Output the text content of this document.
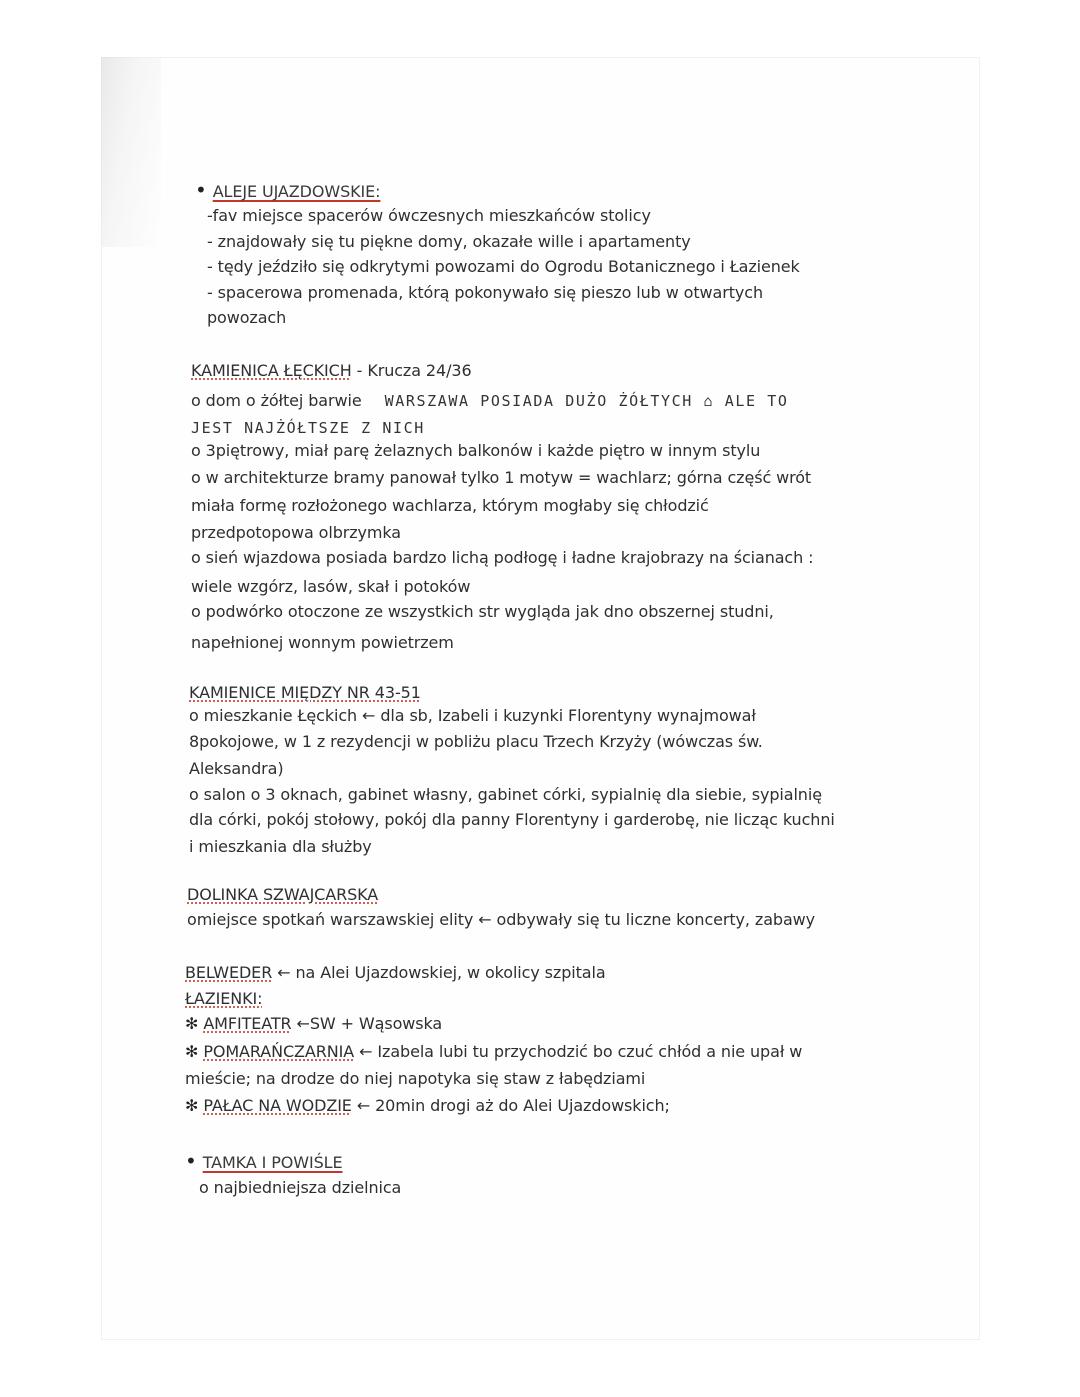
• ALEJE UJAZDOWSKIE:
-fav miejsce spacerów ówczesnych mieszkańców stolicy
- znajdowały się tu piękne domy, okazałe wille i apartamenty
- tędy jeździło się odkrytymi powozami do Ogrodu Botanicznego i Łazienek
- spacerowa promenada, którą pokonywało się pieszo lub w otwartych
powozach
KAMIENICA ŁĘCKICH - Krucza 24/36
o dom o żółtej barwie WARSZAWA POSIADA DUŻO ŻÓŁTYCH ⌂ ALE TO
JEST NAJŻÓŁTSZE Z NICH
o 3piętrowy, miał parę żelaznych balkonów i każde piętro w innym stylu
o w architekturze bramy panował tylko 1 motyw = wachlarz; górna część wrót
miała formę rozłożonego wachlarza, którym mogłaby się chłodzić
przedpotopowa olbrzymka
o sień wjazdowa posiada bardzo lichą podłogę i ładne krajobrazy na ścianach :
wiele wzgórz, lasów, skał i potoków
o podwórko otoczone ze wszystkich str wygląda jak dno obszernej studni,
napełnionej wonnym powietrzem
KAMIENICE MIĘDZY NR 43-51
o mieszkanie Łęckich ← dla sb, Izabeli i kuzynki Florentyny wynajmował
8pokojowe, w 1 z rezydencji w pobliżu placu Trzech Krzyży (wówczas św.
Aleksandra)
o salon o 3 oknach, gabinet własny, gabinet córki, sypialnię dla siebie, sypialnię
dla córki, pokój stołowy, pokój dla panny Florentyny i garderobę, nie licząc kuchni
i mieszkania dla służby
DOLINKA SZWAJCARSKA
omiejsce spotkań warszawskiej elity ← odbywały się tu liczne koncerty, zabawy
BELWEDER ← na Alei Ujazdowskiej, w okolicy szpitala
ŁAZIENKI:
✻ AMFITEATR ←SW + Wąsowska
✻ POMARAŃCZARNIA ← Izabela lubi tu przychodzić bo czuć chłód a nie upał w
mieście; na drodze do niej napotyka się staw z łabędziami
✻ PAŁAC NA WODZIE ← 20min drogi aż do Alei Ujazdowskich;
• TAMKA I POWIŚLE
o najbiedniejsza dzielnica
